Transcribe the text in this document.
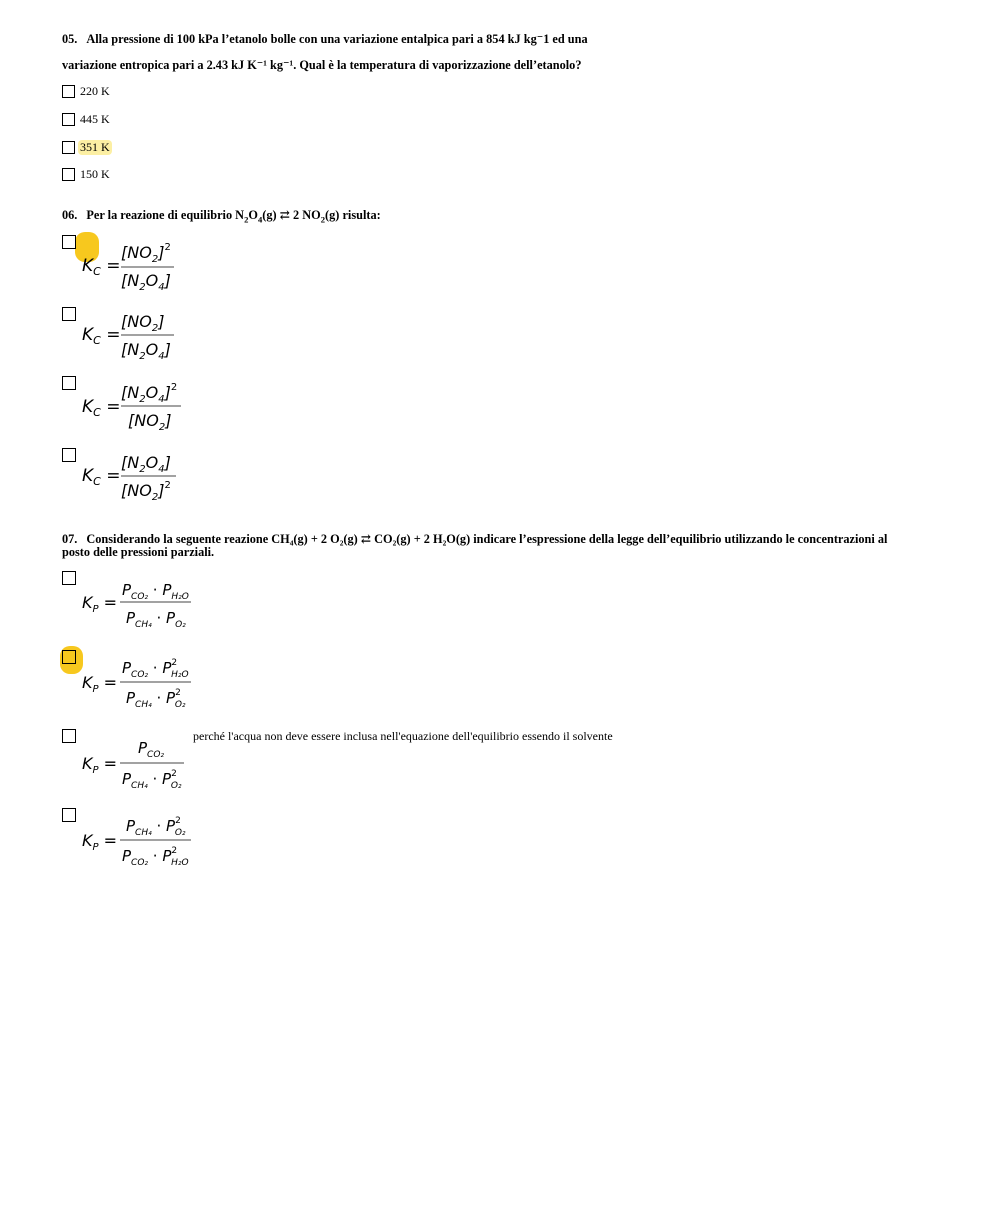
05. Alla pressione di 100 kPa l’etanolo bolle con una variazione entalpica pari a 854 kJ kg⁻1 ed una
variazione entropica pari a 2.43 kJ K⁻¹ kg⁻¹. Qual è la temperatura di vaporizzazione dell’etanolo?
220 K
445 K
351 K
150 K
06. Per la reazione di equilibrio $N_2O_4(g)$ ⇄ 2 $NO_2(g)$ risulta:
$K_C$ =
$[NO_2]^2$
$[N_2O_4]$
$K_C$ =
$[NO_2]$
$[N_2O_4]$
$K_C$ =
$[N_2O_4]^2$
$[NO_2]$
$K_C$ =
$[N_2O_4]$
$[NO_2]^2$
07. Considerando la seguente reazione CH₄(g) + 2 O₂(g) ⇄ CO₂(g) + 2 H₂O(g) indicare l’espressione della legge dell’equilibrio utilizzando le concentrazioni al
posto delle pressioni parziali.
$K_P$ =
$P_{CO_2} \cdot P_{H_2O}$
$P_{CH_4} \cdot P_{O_2}$
$K_P$ =
$P_{CO_2} \cdot P^2$ H₂O
$P_{CH_4} \cdot P^2$ O₂
$K_P$ =
$P_{CO_2}$
$P_{CH_4} \cdot P^2$ O₂
perché l'acqua non deve essere inclusa nell'equazione dell'equilibrio essendo il solvente
$K_P$ =
$P_{CH_4} \cdot P^2$ O₂
$P_{CO_2} \cdot P^2$ H₂O
